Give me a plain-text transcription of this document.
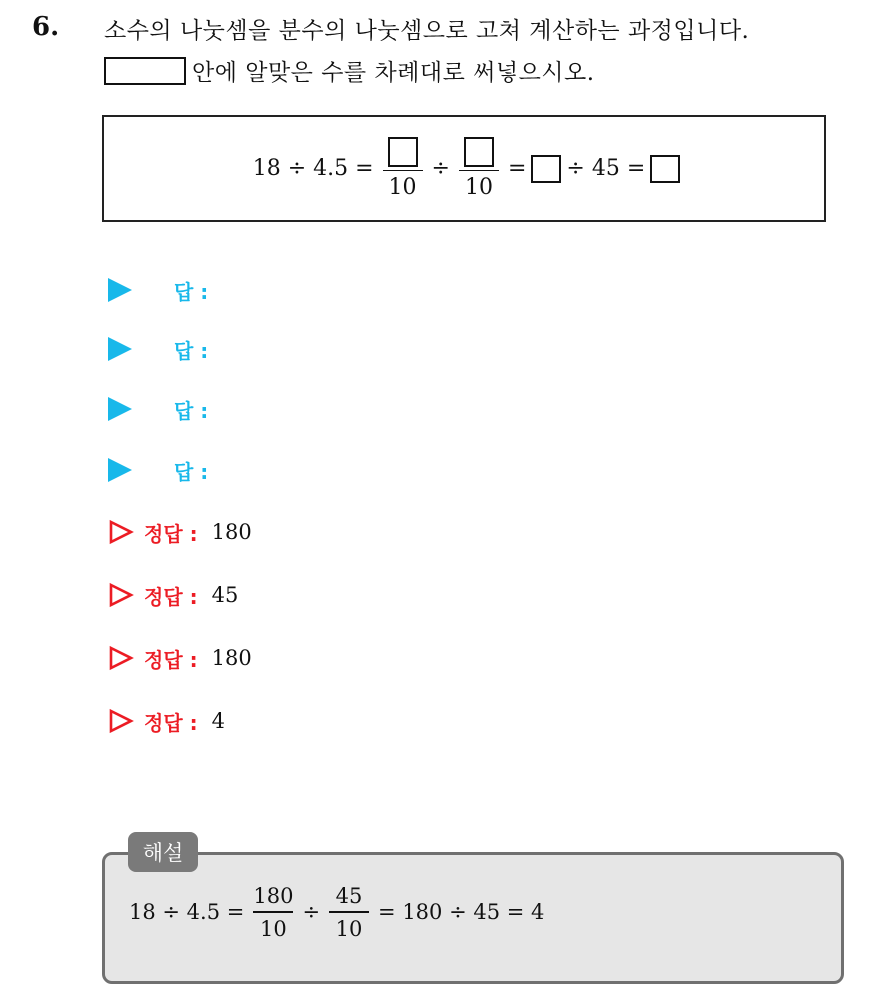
6. 소수의 나눗셈을 분수의 나눗셈으로 고쳐 계산하는 과정입니다.
안에 알맞은 수를 차례대로 써넣으시오.
18 ÷ 4.5 =
10
÷
10
= ÷ 45 =
답 :
답 :
답 :
답 :
정답 : 180
정답 : 45
정답 : 180
정답 : 4
해설
$18 \div 4.5 = \frac{180}{10} \div \frac{45}{10} = 180 \div 45 = 4$
